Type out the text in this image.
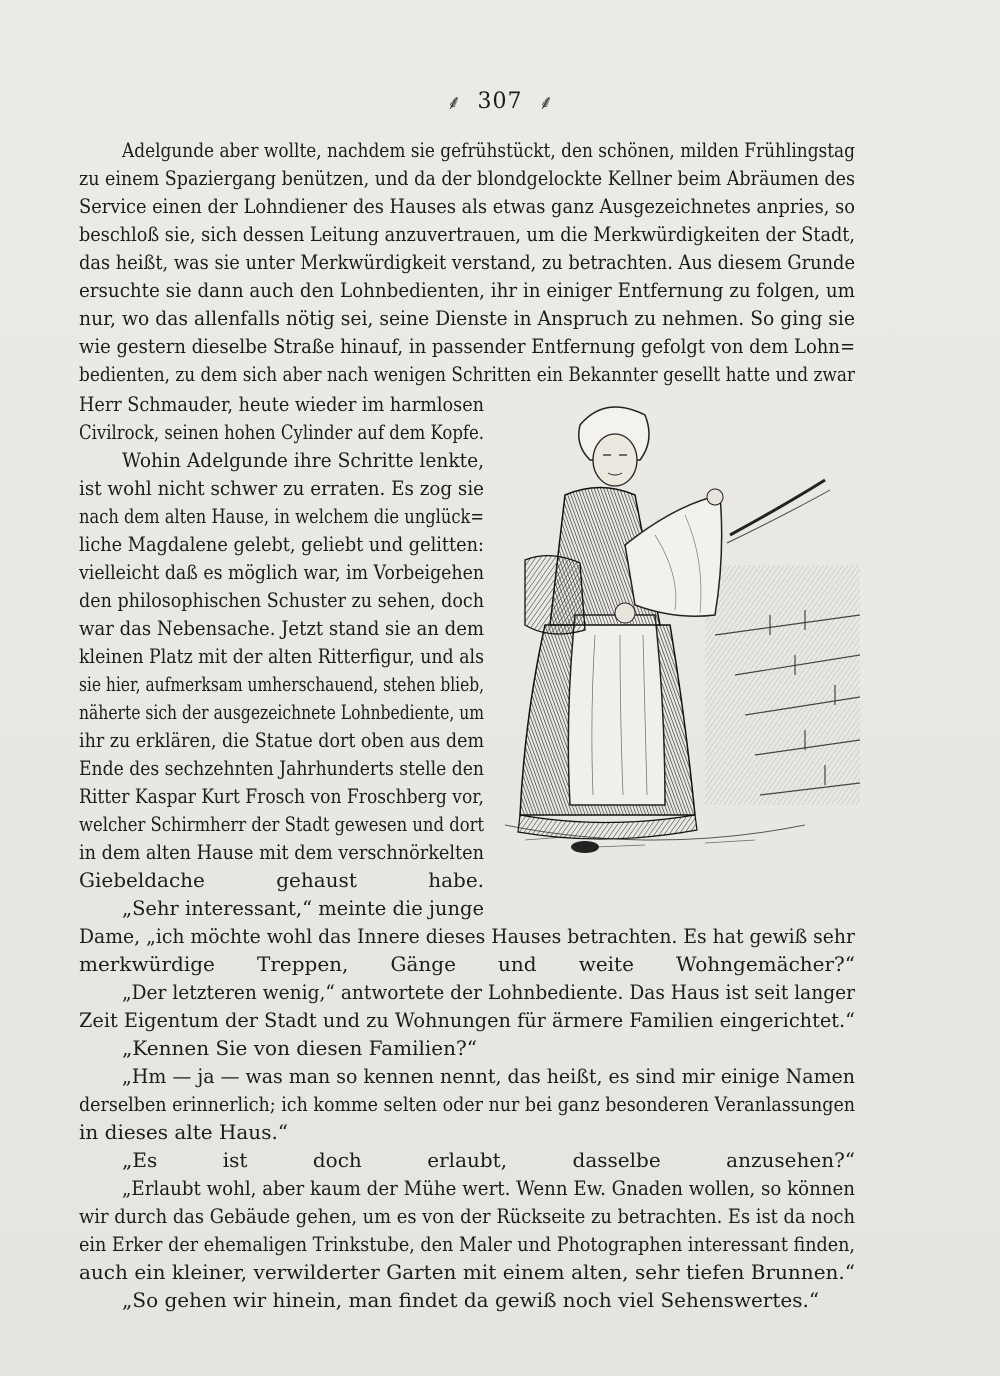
⸙ 307 ⸙
Adelgunde aber wollte, nachdem sie gefrühstückt, den schönen, milden Frühlingstag
zu einem Spaziergang benützen, und da der blondgelockte Kellner beim Abräumen des
Service einen der Lohndiener des Hauses als etwas ganz Ausgezeichnetes anpries, so
beschloß sie, sich dessen Leitung anzuvertrauen, um die Merkwürdigkeiten der Stadt,
das heißt, was sie unter Merkwürdigkeit verstand, zu betrachten. Aus diesem Grunde
ersuchte sie dann auch den Lohnbedienten, ihr in einiger Entfernung zu folgen, um
nur, wo das allenfalls nötig sei, seine Dienste in Anspruch zu nehmen. So ging sie
wie gestern dieselbe Straße hinauf, in passender Entfernung gefolgt von dem Lohn=
bedienten, zu dem sich aber nach wenigen Schritten ein Bekannter gesellt hatte und zwar
Herr Schmauder, heute wieder im harmlosen
Civilrock, seinen hohen Cylinder auf dem Kopfe.
Wohin Adelgunde ihre Schritte lenkte,
ist wohl nicht schwer zu erraten. Es zog sie
nach dem alten Hause, in welchem die unglück=
liche Magdalene gelebt, geliebt und gelitten:
vielleicht daß es möglich war, im Vorbeigehen
den philosophischen Schuster zu sehen, doch
war das Nebensache. Jetzt stand sie an dem
kleinen Platz mit der alten Ritterfigur, und als
sie hier, aufmerksam umherschauend, stehen blieb,
näherte sich der ausgezeichnete Lohnbediente, um
ihr zu erklären, die Statue dort oben aus dem
Ende des sechzehnten Jahrhunderts stelle den
Ritter Kaspar Kurt Frosch von Froschberg vor,
welcher Schirmherr der Stadt gewesen und dort
in dem alten Hause mit dem verschnörkelten
Giebeldache gehaust habe.
„Sehr interessant,“ meinte die junge
Dame, „ich möchte wohl das Innere dieses Hauses betrachten. Es hat gewiß sehr
merkwürdige Treppen, Gänge und weite Wohngemächer?“
„Der letzteren wenig,“ antwortete der Lohnbediente. Das Haus ist seit langer
Zeit Eigentum der Stadt und zu Wohnungen für ärmere Familien eingerichtet.“
„Kennen Sie von diesen Familien?“
„Hm — ja — was man so kennen nennt, das heißt, es sind mir einige Namen
derselben erinnerlich; ich komme selten oder nur bei ganz besonderen Veranlassungen
in dieses alte Haus.“
„Es ist doch erlaubt, dasselbe anzusehen?“
„Erlaubt wohl, aber kaum der Mühe wert. Wenn Ew. Gnaden wollen, so können
wir durch das Gebäude gehen, um es von der Rückseite zu betrachten. Es ist da noch
ein Erker der ehemaligen Trinkstube, den Maler und Photographen interessant finden,
auch ein kleiner, verwilderter Garten mit einem alten, sehr tiefen Brunnen.“
„So gehen wir hinein, man findet da gewiß noch viel Sehenswertes.“
